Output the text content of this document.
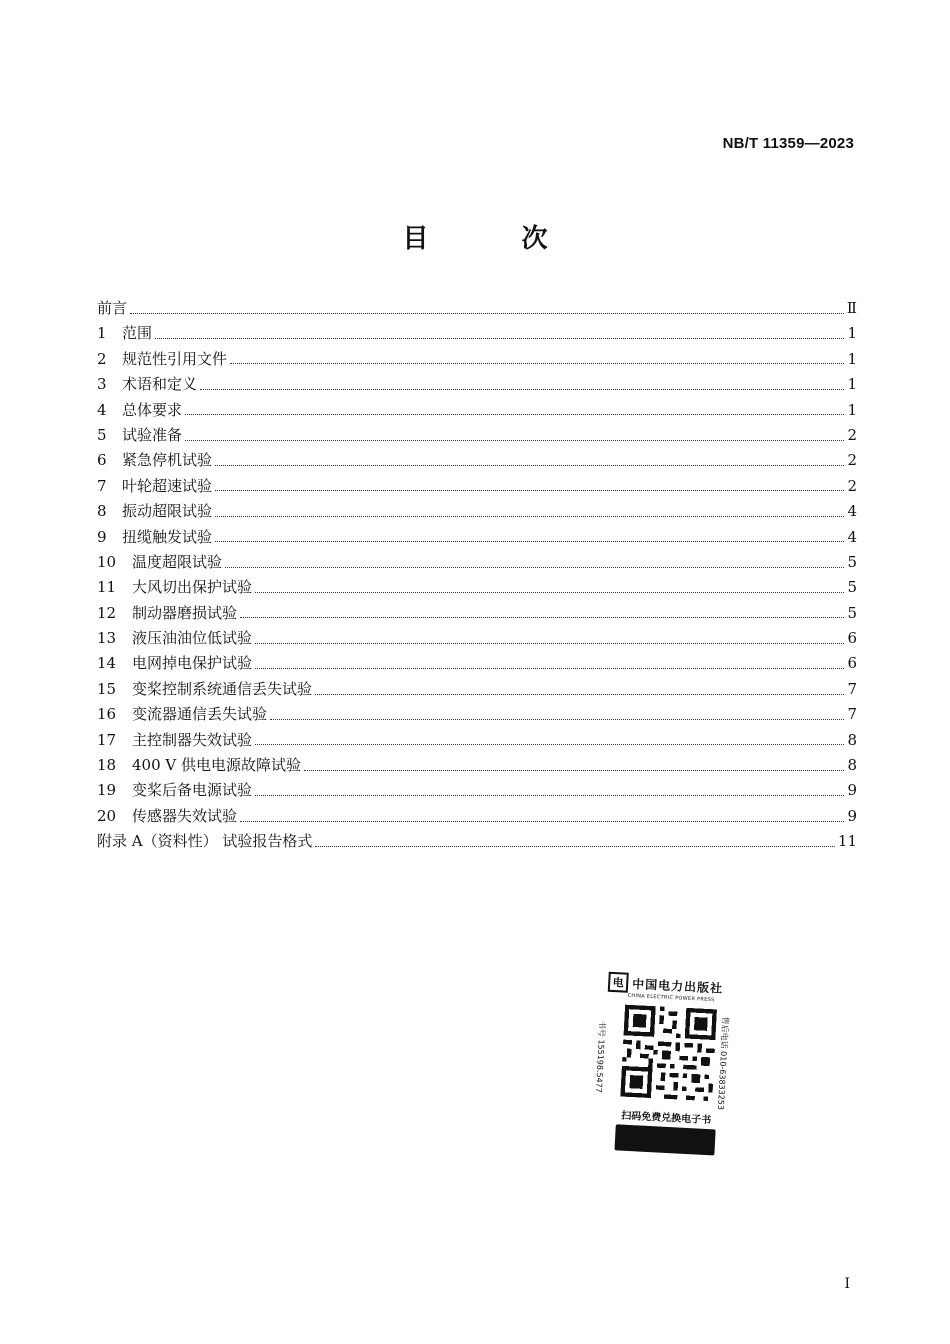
NB/T 11359—2023
目 次
前言	Ⅱ
1	范围	1
2	规范性引用文件	1
3	术语和定义	1
4	总体要求	1
5	试验准备	2
6	紧急停机试验	2
7	叶轮超速试验	2
8	振动超限试验	4
9	扭缆触发试验	4
10	温度超限试验	5
11	大风切出保护试验	5
12	制动器磨损试验	5
13	液压油油位低试验	6
14	电网掉电保护试验	6
15	变桨控制系统通信丢失试验	7
16	变流器通信丢失试验	7
17	主控制器失效试验	8
18	400 V 供电电源故障试验	8
19	变桨后备电源试验	9
20	传感器失效试验	9
附录 A（资料性） 试验报告格式	11
电 中国电力出版社
CHINA ELECTRIC POWER PRESS
书号 155198.5477	售后电话 010-63833253
扫码免费兑换电子书
I
